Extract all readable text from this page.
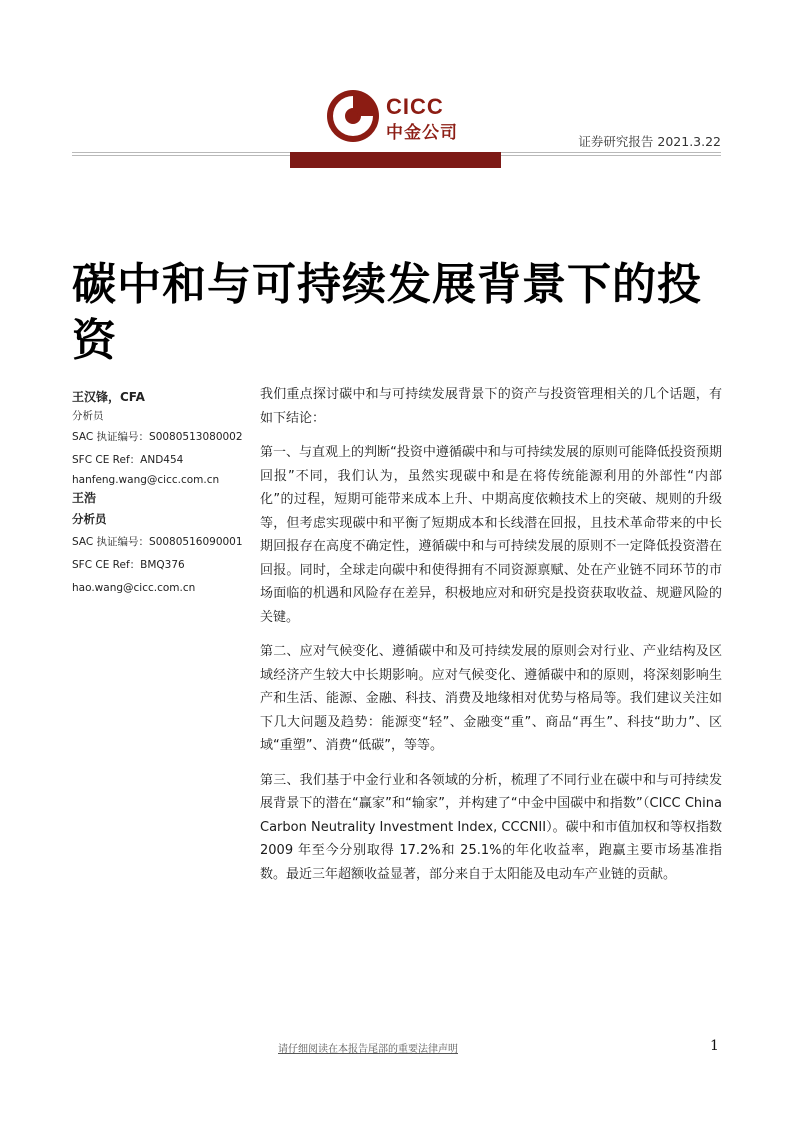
CICC
中金公司	证券研究报告 2021.3.22
碳中和与可持续发展背景下的投资
王汉锋，CFA
分析员
SAC 执证编号：S0080513080002
SFC CE Ref：AND454
hanfeng.wang@cicc.com.cn
王浩
分析员
SAC 执证编号：S0080516090001
SFC CE Ref：BMQ376
hao.wang@cicc.com.cn

我们重点探讨碳中和与可持续发展背景下的资产与投资管理相关的几个话题，有如下结论：

第一、与直观上的判断“投资中遵循碳中和与可持续发展的原则可能降低投资预期回报”不同，我们认为，虽然实现碳中和是在将传统能源利用的外部性“内部化”的过程，短期可能带来成本上升、中期高度依赖技术上的突破、规则的升级等，但考虑实现碳中和平衡了短期成本和长线潜在回报，且技术革命带来的中长期回报存在高度不确定性，遵循碳中和与可持续发展的原则不一定降低投资潜在回报。同时，全球走向碳中和使得拥有不同资源禀赋、处在产业链不同环节的市场面临的机遇和风险存在差异，积极地应对和研究是投资获取收益、规避风险的关键。

第二、应对气候变化、遵循碳中和及可持续发展的原则会对行业、产业结构及区域经济产生较大中长期影响。应对气候变化、遵循碳中和的原则，将深刻影响生产和生活、能源、金融、科技、消费及地缘相对优势与格局等。我们建议关注如下几大问题及趋势：能源变“轻”、金融变“重”、商品“再生”、科技“助力”、区域“重塑”、消费“低碳”，等等。

第三、我们基于中金行业和各领域的分析，梳理了不同行业在碳中和与可持续发展背景下的潜在“赢家”和“输家”，并构建了“中金中国碳中和指数”（CICC China Carbon Neutrality Investment Index, CCCNII）。碳中和市值加权和等权指数 2009 年至今分别取得 17.2%和 25.1%的年化收益率，跑赢主要市场基准指数。最近三年超额收益显著，部分来自于太阳能及电动车产业链的贡献。

请仔细阅读在本报告尾部的重要法律声明	1
